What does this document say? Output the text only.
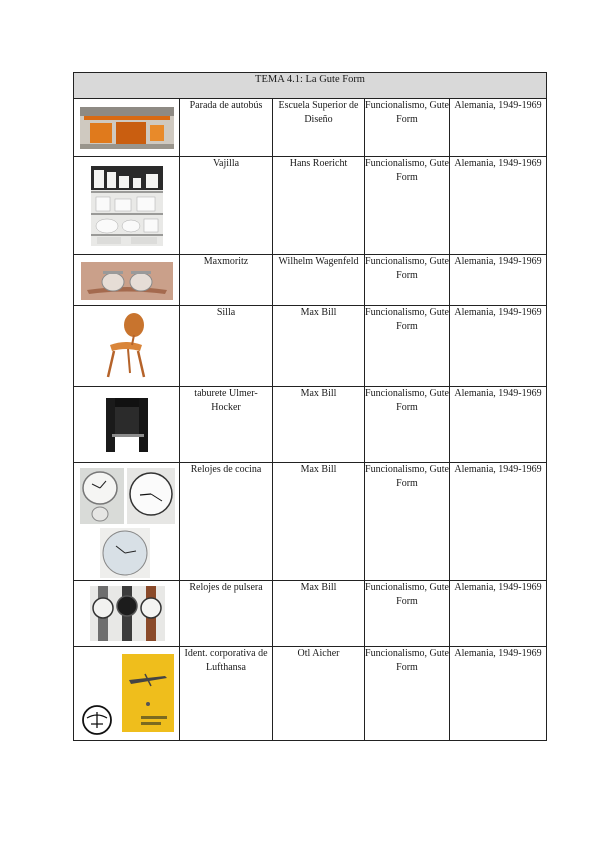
TEMA 4.1: La Gute Form				

	Parada de autobús	Escuela Superior de Diseño	Funcionalismo, Gute Form	Alemania, 1949-1969

	Vajilla	Hans Roericht	Funcionalismo, Gute Form	Alemania, 1949-1969

	Maxmoritz	Wilhelm Wagenfeld	Funcionalismo, Gute Form	Alemania, 1949-1969

	Silla	Max Bill	Funcionalismo, Gute Form	Alemania, 1949-1969

	taburete Ulmer-Hocker	Max Bill	Funcionalismo, Gute Form	Alemania, 1949-1969

	Relojes de cocina	Max Bill	Funcionalismo, Gute Form	Alemania, 1949-1969

	Relojes de pulsera	Max Bill	Funcionalismo, Gute Form	Alemania, 1949-1969

	Ident. corporativa de Lufthansa	Otl Aicher	Funcionalismo, Gute Form	Alemania, 1949-1969
